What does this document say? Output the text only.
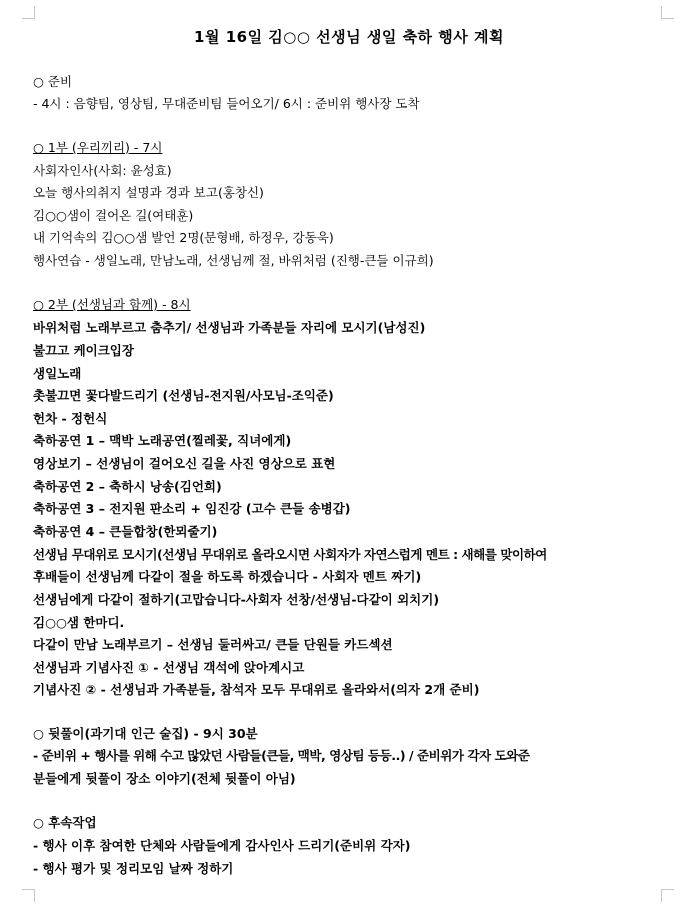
1월 16일 김○○ 선생님 생일 축하 행사 계획
○ 준비
- 4시 : 음향팀, 영상팀, 무대준비팀 들어오기/ 6시 : 준비위 행사장 도착
○ 1부 (우리끼리) - 7시
사회자인사(사회: 윤성효)
오늘 행사의취지 설명과 경과 보고(홍창신)
김○○샘이 걸어온 길(여태훈)
내 기억속의 김○○샘 발언 2명(문형배, 하정우, 강동욱)
행사연습 - 생일노래, 만남노래, 선생님께 절, 바위처럼 (진행-큰들 이규희)
○ 2부 (선생님과 함께) - 8시
바위처럼 노래부르고 춤추기/ 선생님과 가족분들 자리에 모시기(남성진)
불끄고 케이크입장
생일노래
촛불끄면 꽃다발드리기 (선생님-전지원/사모님-조익준)
헌차 - 정헌식
축하공연 1 – 맥박 노래공연(찔레꽃, 직녀에게)
영상보기 – 선생님이 걸어오신 길을 사진 영상으로 표현
축하공연 2 – 축하시 낭송(김언희)
축하공연 3 – 전지원 판소리 + 임진강 (고수 큰들 송병갑)
축하공연 4 – 큰들합창(한뫼줄기)
선생님 무대위로 모시기(선생님 무대위로 올라오시면 사회자가 자연스럽게 멘트 : 새해를 맞이하여
후배들이 선생님께 다같이 절을 하도록 하겠습니다 - 사회자 멘트 짜기)
선생님에게 다같이 절하기(고맙습니다-사회자 선창/선생님-다같이 외치기)
김○○샘 한마디.
다같이 만남 노래부르기 – 선생님 둘러싸고/ 큰들 단원들 카드섹션
선생님과 기념사진 ① - 선생님 객석에 앉아계시고
기념사진 ② - 선생님과 가족분들, 참석자 모두 무대위로 올라와서(의자 2개 준비)
○ 뒷풀이(과기대 인근 술집) - 9시 30분
- 준비위 + 행사를 위해 수고 많았던 사람들(큰들, 맥박, 영상팀 등등..) / 준비위가 각자 도와준
분들에게 뒷풀이 장소 이야기(전체 뒷풀이 아님)
○ 후속작업
- 행사 이후 참여한 단체와 사람들에게 감사인사 드리기(준비위 각자)
- 행사 평가 및 정리모임 날짜 정하기
